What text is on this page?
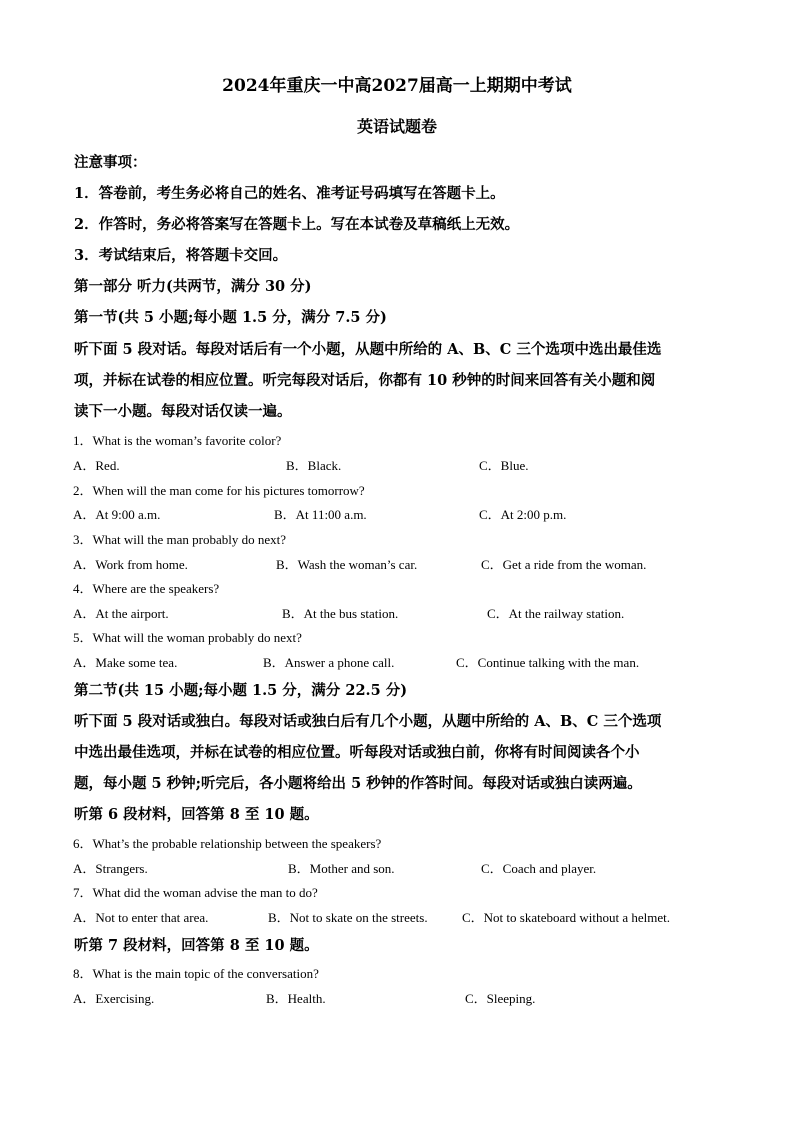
2024年重庆一中高2027届高一上期期中考试
英语试题卷
注意事项：
1．答卷前，考生务必将自己的姓名、准考证号码填写在答题卡上。
2．作答时，务必将答案写在答题卡上。写在本试卷及草稿纸上无效。
3．考试结束后，将答题卡交回。
第一部分 听力(共两节，满分 30 分)
第一节(共 5 小题;每小题 1.5 分，满分 7.5 分)
听下面 5 段对话。每段对话后有一个小题，从题中所给的 A、B、C 三个选项中选出最佳选
项，并标在试卷的相应位置。听完每段对话后，你都有 10 秒钟的时间来回答有关小题和阅
读下一小题。每段对话仅读一遍。
1．What is the woman’s favorite color?
A．Red.	B．Black.	C．Blue.
2．When will the man come for his pictures tomorrow?
A．At 9:00 a.m.	B．At 11:00 a.m.	C．At 2:00 p.m.
3．What will the man probably do next?
A．Work from home.	B．Wash the woman’s car.	C．Get a ride from the woman.
4．Where are the speakers?
A．At the airport.	B．At the bus station.	C．At the railway station.
5．What will the woman probably do next?
A．Make some tea.	B．Answer a phone call.	C．Continue talking with the man.
第二节(共 15 小题;每小题 1.5 分，满分 22.5 分)
听下面 5 段对话或独白。每段对话或独白后有几个小题，从题中所给的 A、B、C 三个选项
中选出最佳选项，并标在试卷的相应位置。听每段对话或独白前，你将有时间阅读各个小
题，每小题 5 秒钟;听完后，各小题将给出 5 秒钟的作答时间。每段对话或独白读两遍。
听第 6 段材料，回答第 8 至 10 题。
6．What’s the probable relationship between the speakers?
A．Strangers.	B．Mother and son.	C．Coach and player.
7．What did the woman advise the man to do?
A．Not to enter that area.	B．Not to skate on the streets.	C．Not to skateboard without a helmet.
听第 7 段材料，回答第 8 至 10 题。
8．What is the main topic of the conversation?
A．Exercising.	B．Health.	C．Sleeping.
